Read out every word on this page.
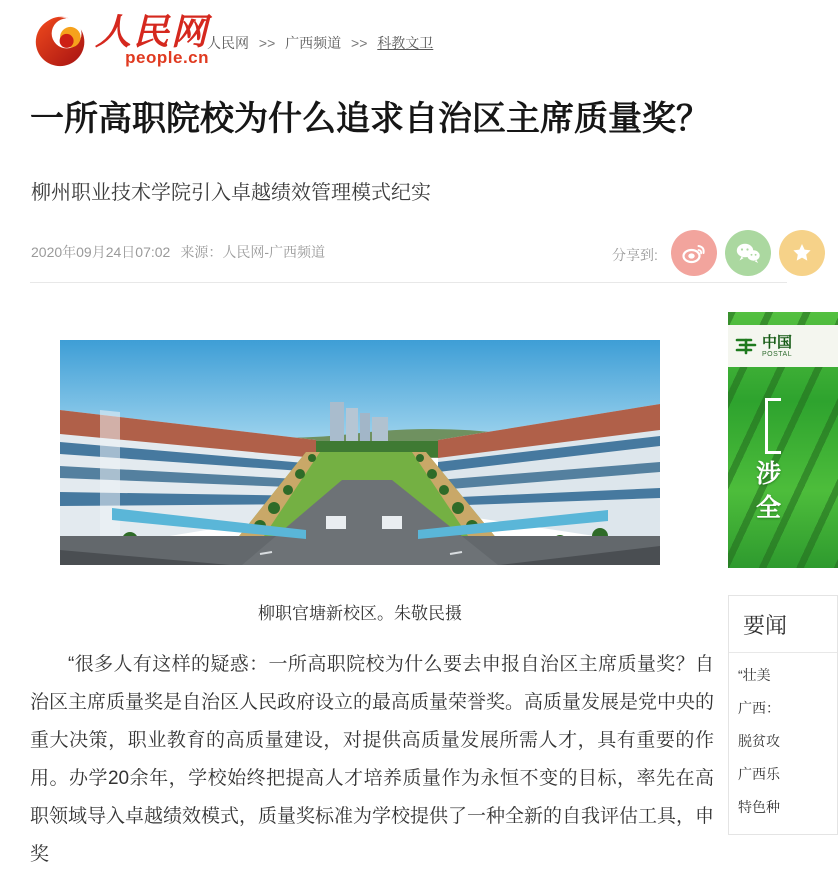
人民网
people.cn
人民网 >> 广西频道 >> 科教文卫
一所高职院校为什么追求自治区主席质量奖？
柳州职业技术学院引入卓越绩效管理模式纪实
2020年09月24日07:02 来源：人民网-广西频道	分享到:
柳职官塘新校区。朱敬民摄

“很多人有这样的疑惑：一所高职院校为什么要去申报自治区主席质量奖？自治区主席质量奖是自治区人民政府设立的最高质量荣誉奖。高质量发展是党中央的重大决策，职业教育的高质量建设，对提供高质量发展所需人才，具有重要的作用。办学20余年，学校始终把提高人才培养质量作为永恒不变的目标，率先在高职领域导入卓越绩效模式，质量奖标准为学校提供了一种全新的自我评估工具，申奖

中国
POSTAL
涉
全
要闻
“壮美
广西：
脱贫攻
广西乐
特色种
